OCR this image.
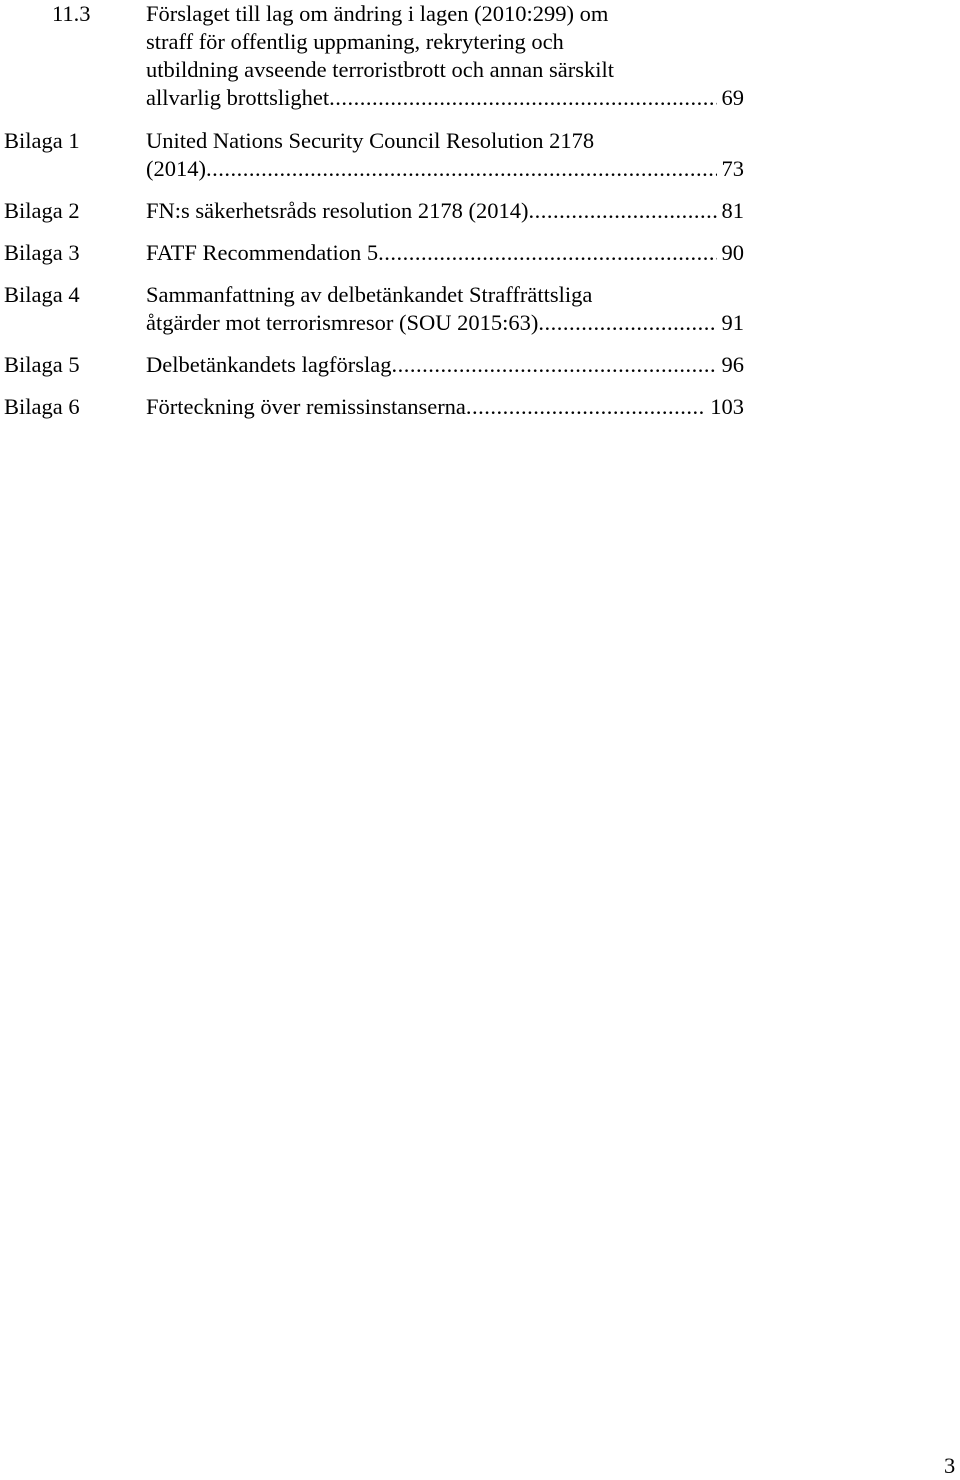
11.3 Förslaget till lag om ändring i lagen (2010:299) om
straff för offentlig uppmaning, rekrytering och
utbildning avseende terroristbrott och annan särskilt
allvarlig brottslighet .....	69
Bilaga 1	United Nations Security Council Resolution 2178
(2014) .....	73
Bilaga 2	FN:s säkerhetsråds resolution 2178 (2014) .....	81
Bilaga 3	FATF Recommendation 5 .....	90
Bilaga 4	Sammanfattning av delbetänkandet Straffrättsliga
åtgärder mot terrorismresor (SOU 2015:63) .....	91
Bilaga 5	Delbetänkandets lagförslag .....	96
Bilaga 6	Förteckning över remissinstanserna .....	103
3
